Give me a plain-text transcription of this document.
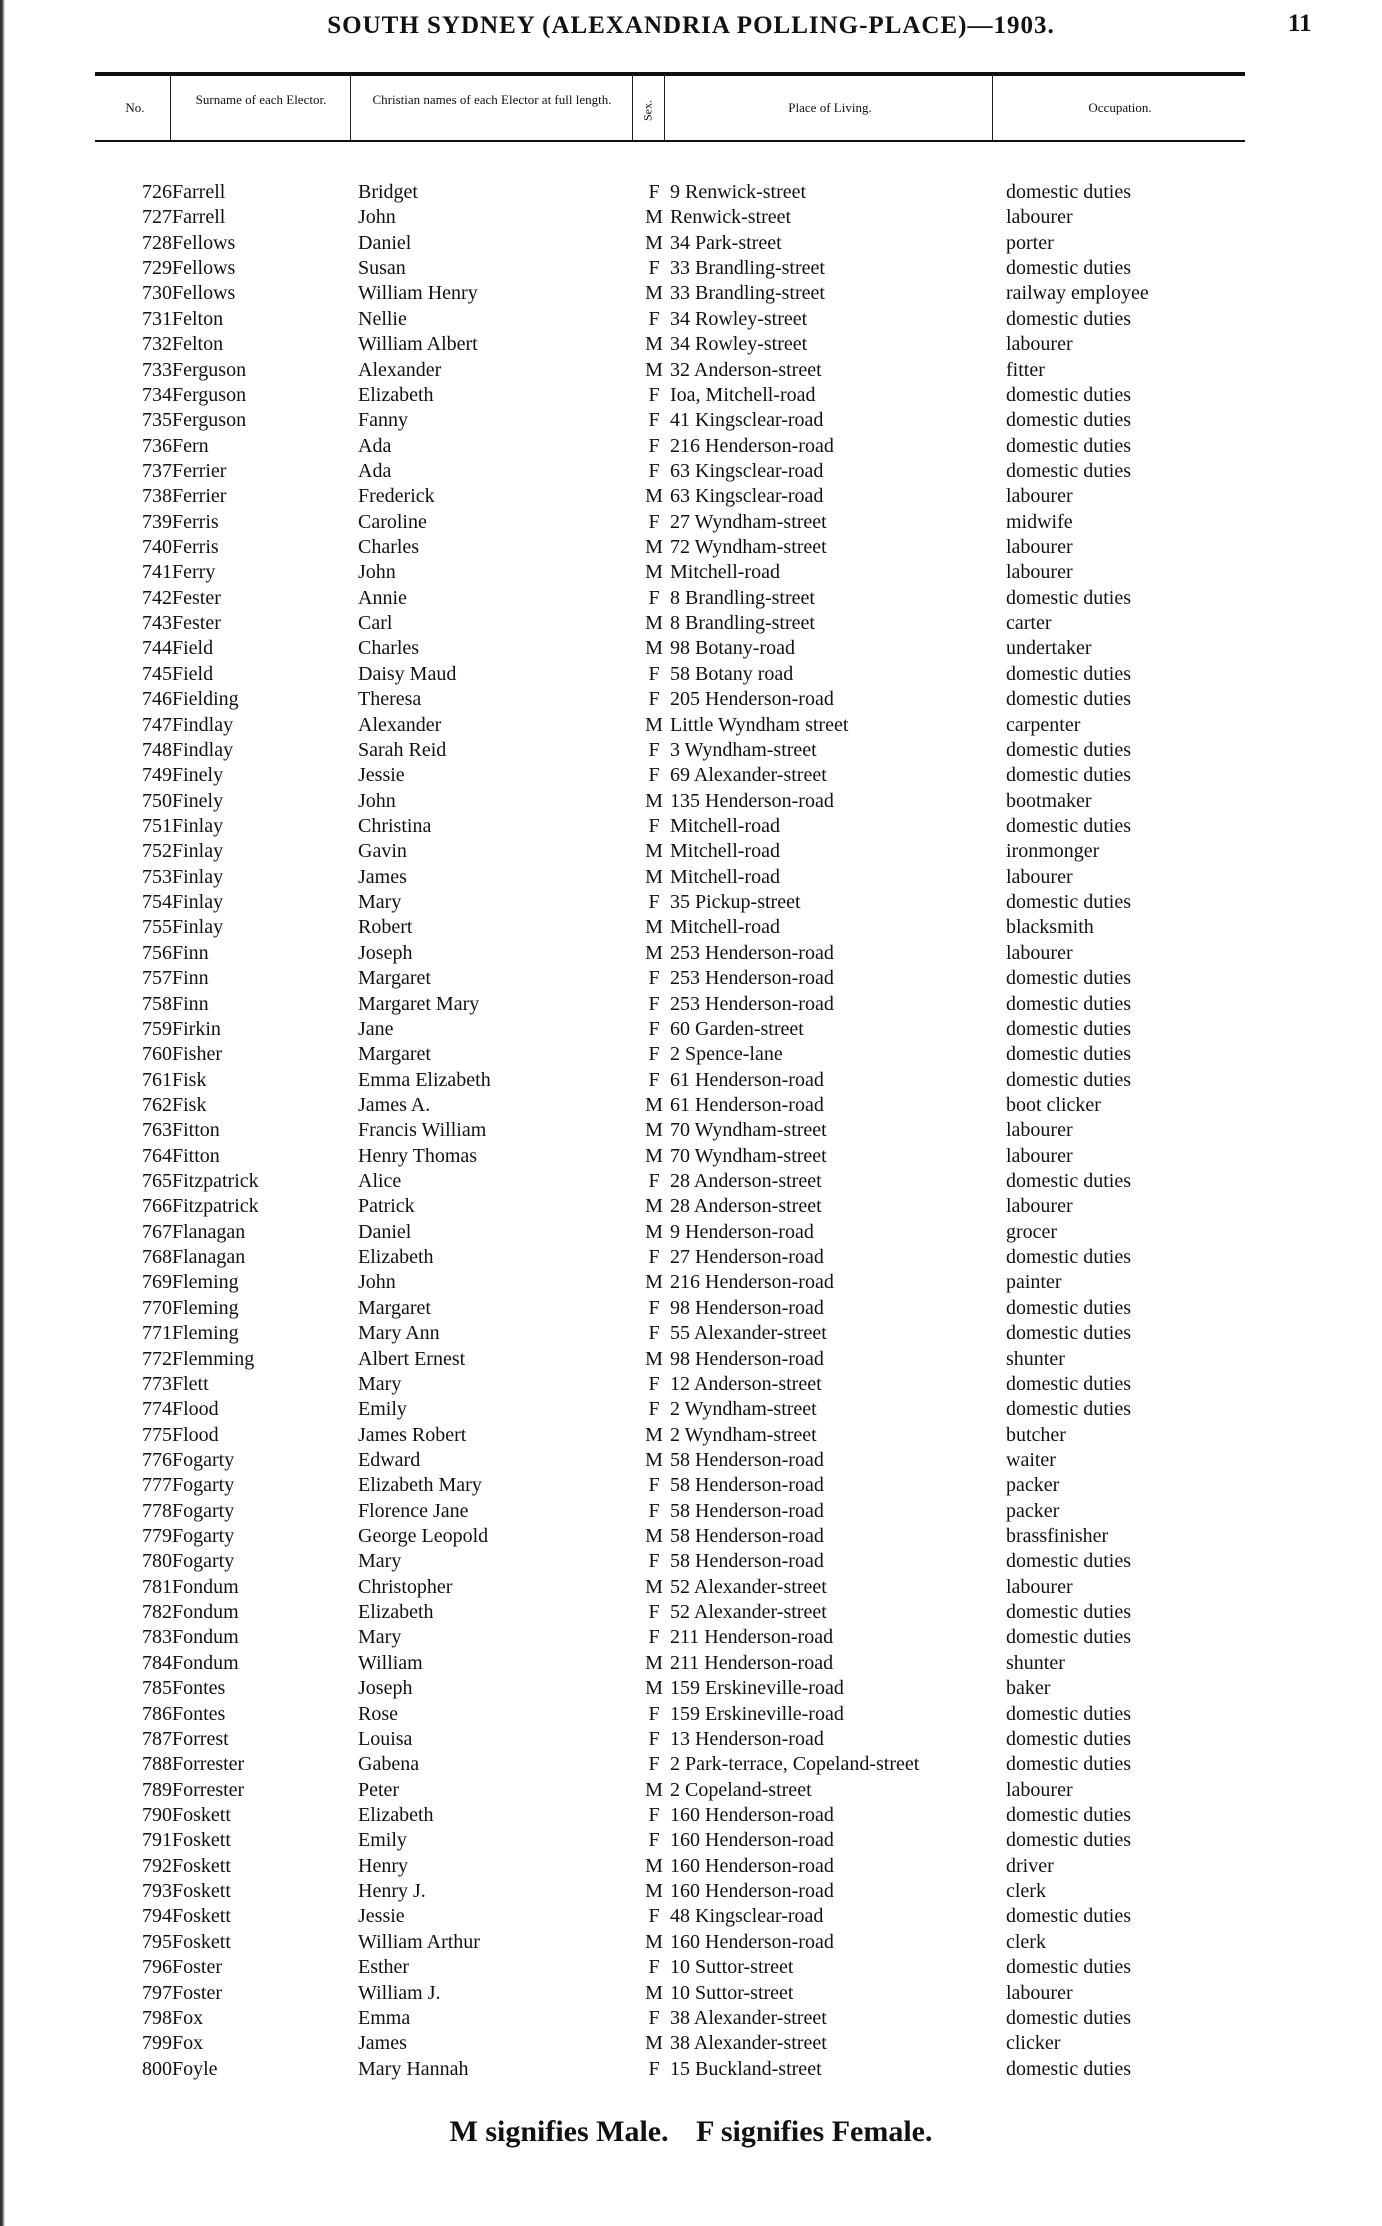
SOUTH SYDNEY (ALEXANDRIA POLLING-PLACE)—1903.	11
No.
Surname of each Elector.	Christian names of each Elector at full length.
Sex.	Place of Living.	Occupation.
726 Farrell	Bridget	F 9 Renwick-street	domestic duties
727 Farrell	John	M Renwick-street	labourer
728 Fellows	Daniel	M 34 Park-street	porter
729 Fellows	Susan	F 33 Brandling-street	domestic duties
730 Fellows	William Henry	M 33 Brandling-street	railway employee
731 Felton	Nellie	F 34 Rowley-street	domestic duties
732 Felton	William Albert	M 34 Rowley-street	labourer
733 Ferguson	Alexander	M 32 Anderson-street	fitter
734 Ferguson	Elizabeth	F Ioa, Mitchell-road	domestic duties
735 Ferguson	Fanny	F 41 Kingsclear-road	domestic duties
736 Fern	Ada	F 216 Henderson-road	domestic duties
737 Ferrier	Ada	F 63 Kingsclear-road	domestic duties
738 Ferrier	Frederick	M 63 Kingsclear-road	labourer
739 Ferris	Caroline	F 27 Wyndham-street	midwife
740 Ferris	Charles	M 72 Wyndham-street	labourer
741 Ferry	John	M Mitchell-road	labourer
742 Fester	Annie	F 8 Brandling-street	domestic duties
743 Fester	Carl	M 8 Brandling-street	carter
744 Field	Charles	M 98 Botany-road	undertaker
745 Field	Daisy Maud	F 58 Botany road	domestic duties
746 Fielding	Theresa	F 205 Henderson-road	domestic duties
747 Findlay	Alexander	M Little Wyndham street	carpenter
748 Findlay	Sarah Reid	F 3 Wyndham-street	domestic duties
749 Finely	Jessie	F 69 Alexander-street	domestic duties
750 Finely	John	M 135 Henderson-road	bootmaker
751 Finlay	Christina	F Mitchell-road	domestic duties
752 Finlay	Gavin	M Mitchell-road	ironmonger
753 Finlay	James	M Mitchell-road	labourer
754 Finlay	Mary	F 35 Pickup-street	domestic duties
755 Finlay	Robert	M Mitchell-road	blacksmith
756 Finn	Joseph	M 253 Henderson-road	labourer
757 Finn	Margaret	F 253 Henderson-road	domestic duties
758 Finn	Margaret Mary	F 253 Henderson-road	domestic duties
759 Firkin	Jane	F 60 Garden-street	domestic duties
760 Fisher	Margaret	F 2 Spence-lane	domestic duties
761 Fisk	Emma Elizabeth	F 61 Henderson-road	domestic duties
762 Fisk	James A.	M 61 Henderson-road	boot clicker
763 Fitton	Francis William	M 70 Wyndham-street	labourer
764 Fitton	Henry Thomas	M 70 Wyndham-street	labourer
765 Fitzpatrick	Alice	F 28 Anderson-street	domestic duties
766 Fitzpatrick	Patrick	M 28 Anderson-street	labourer
767 Flanagan	Daniel	M 9 Henderson-road	grocer
768 Flanagan	Elizabeth	F 27 Henderson-road	domestic duties
769 Fleming	John	M 216 Henderson-road	painter
770 Fleming	Margaret	F 98 Henderson-road	domestic duties
771 Fleming	Mary Ann	F 55 Alexander-street	domestic duties
772 Flemming	Albert Ernest	M 98 Henderson-road	shunter
773 Flett	Mary	F 12 Anderson-street	domestic duties
774 Flood	Emily	F 2 Wyndham-street	domestic duties
775 Flood	James Robert	M 2 Wyndham-street	butcher
776 Fogarty	Edward	M 58 Henderson-road	waiter
777 Fogarty	Elizabeth Mary	F 58 Henderson-road	packer
778 Fogarty	Florence Jane	F 58 Henderson-road	packer
779 Fogarty	George Leopold	M 58 Henderson-road	brassfinisher
780 Fogarty	Mary	F 58 Henderson-road	domestic duties
781 Fondum	Christopher	M 52 Alexander-street	labourer
782 Fondum	Elizabeth	F 52 Alexander-street	domestic duties
783 Fondum	Mary	F 211 Henderson-road	domestic duties
784 Fondum	William	M 211 Henderson-road	shunter
785 Fontes	Joseph	M 159 Erskineville-road	baker
786 Fontes	Rose	F 159 Erskineville-road	domestic duties
787 Forrest	Louisa	F 13 Henderson-road	domestic duties
788 Forrester	Gabena	F 2 Park-terrace, Copeland-street	domestic duties
789 Forrester	Peter	M 2 Copeland-street	labourer
790 Foskett	Elizabeth	F 160 Henderson-road	domestic duties
791 Foskett	Emily	F 160 Henderson-road	domestic duties
792 Foskett	Henry	M 160 Henderson-road	driver
793 Foskett	Henry J.	M 160 Henderson-road	clerk
794 Foskett	Jessie	F 48 Kingsclear-road	domestic duties
795 Foskett	William Arthur	M 160 Henderson-road	clerk
796 Foster	Esther	F 10 Suttor-street	domestic duties
797 Foster	William J.	M 10 Suttor-street	labourer
798 Fox	Emma	F 38 Alexander-street	domestic duties
799 Fox	James	M 38 Alexander-street	clicker
800 Foyle	Mary Hannah	F 15 Buckland-street	domestic duties
M signifies Male. F signifies Female.
